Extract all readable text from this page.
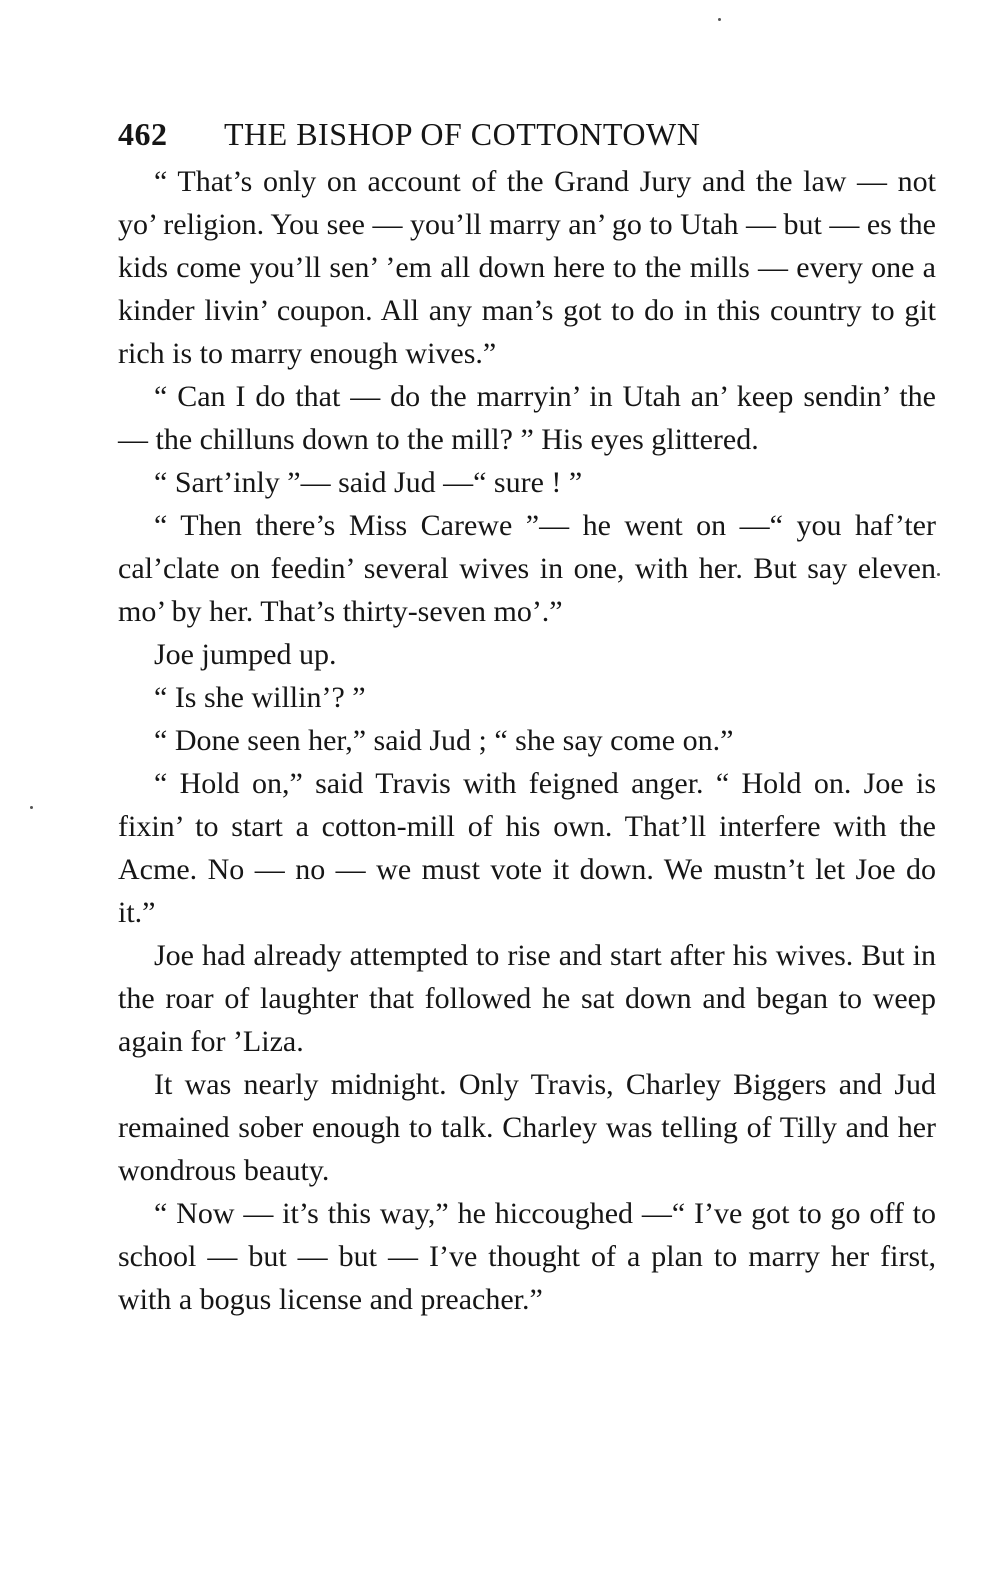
462 THE BISHOP OF COTTONTOWN

“ That’s only on account of the Grand Jury and the law — not yo’ religion. You see — you’ll marry an’ go to Utah — but — es the kids come you’ll sen’ ’em all down here to the mills — every one a kinder livin’ coupon. All any man’s got to do in this country to git rich is to marry enough wives.”

“ Can I do that — do the marryin’ in Utah an’ keep sendin’ the — the chilluns down to the mill? ” His eyes glittered.

“ Sart’inly ”— said Jud —“ sure ! ”

“ Then there’s Miss Carewe ”— he went on —“ you haf’ter cal’clate on feedin’ several wives in one, with her. But say eleven mo’ by her. That’s thirty-seven mo’.”

Joe jumped up.

“ Is she willin’? ”

“ Done seen her,” said Jud ; “ she say come on.”

“ Hold on,” said Travis with feigned anger. “ Hold on. Joe is fixin’ to start a cotton-mill of his own. That’ll interfere with the Acme. No — no — we must vote it down. We mustn’t let Joe do it.”

Joe had already attempted to rise and start after his wives. But in the roar of laughter that followed he sat down and began to weep again for ’Liza.

It was nearly midnight. Only Travis, Charley Biggers and Jud remained sober enough to talk. Charley was telling of Tilly and her wondrous beauty.

“ Now — it’s this way,” he hiccoughed —“ I’ve got to go off to school — but — but — I’ve thought of a plan to marry her first, with a bogus license and preacher.”
